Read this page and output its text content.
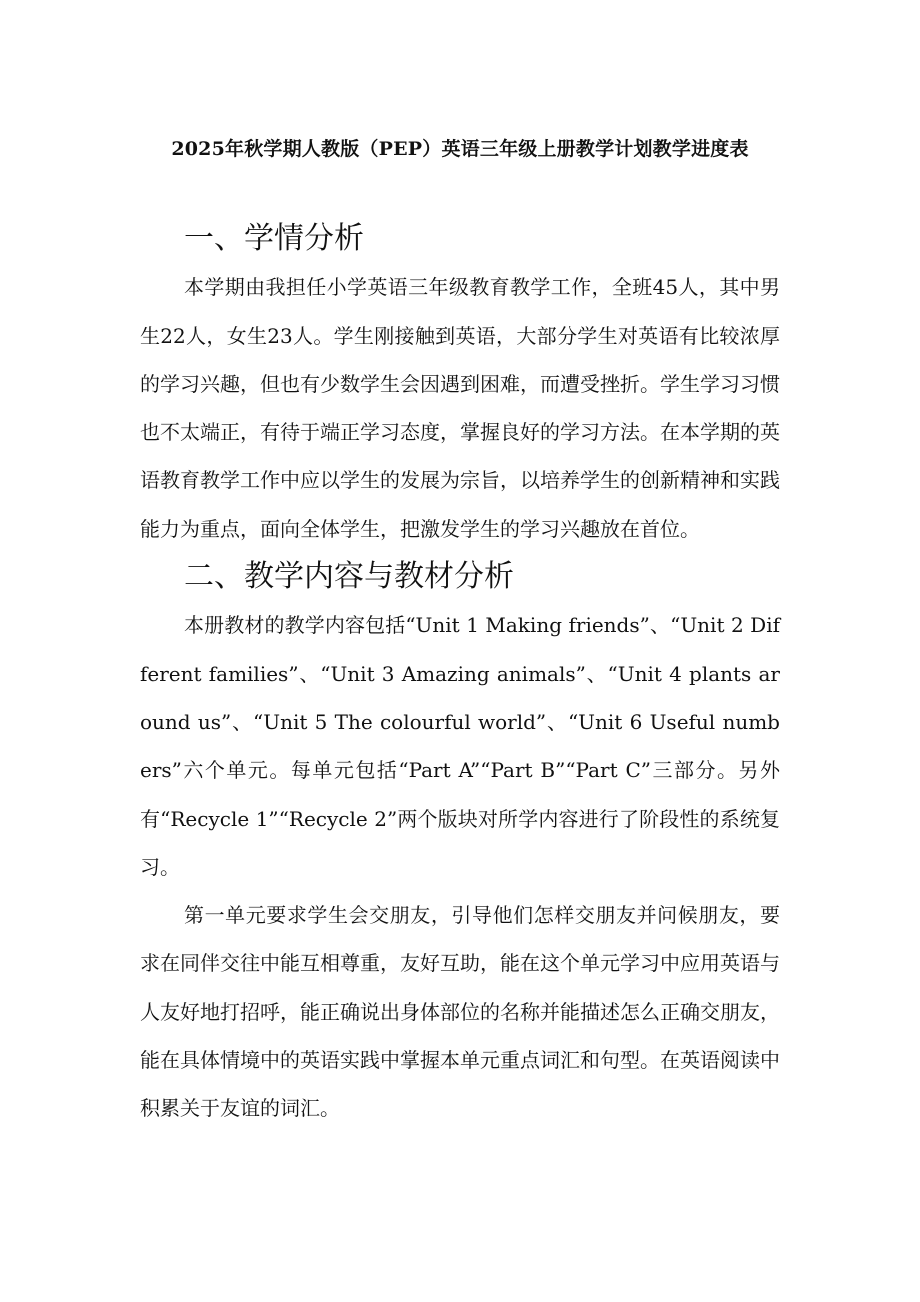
2025年秋学期人教版（PEP）英语三年级上册教学计划教学进度表
一、学情分析

本学期由我担任小学英语三年级教育教学工作，全班45人，其中男生22人，女生23人。学生刚接触到英语，大部分学生对英语有比较浓厚的学习兴趣，但也有少数学生会因遇到困难，而遭受挫折。学生学习习惯也不太端正，有待于端正学习态度，掌握良好的学习方法。在本学期的英语教育教学工作中应以学生的发展为宗旨，以培养学生的创新精神和实践能力为重点，面向全体学生，把激发学生的学习兴趣放在首位。

二、教学内容与教材分析

本册教材的教学内容包括“Unit 1 Making friends”、“Unit 2 Different families”、“Unit 3 Amazing animals”、“Unit 4 plants around us”、“Unit 5 The colourful world”、“Unit 6 Useful numbers”六个单元。每单元包括“Part A”“Part B”“Part C”三部分。另外有“Recycle 1”“Recycle 2”两个版块对所学内容进行了阶段性的系统复习。

第一单元要求学生会交朋友，引导他们怎样交朋友并问候朋友，要求在同伴交往中能互相尊重，友好互助，能在这个单元学习中应用英语与人友好地打招呼，能正确说出身体部位的名称并能描述怎么正确交朋友，能在具体情境中的英语实践中掌握本单元重点词汇和句型。在英语阅读中积累关于友谊的词汇。
